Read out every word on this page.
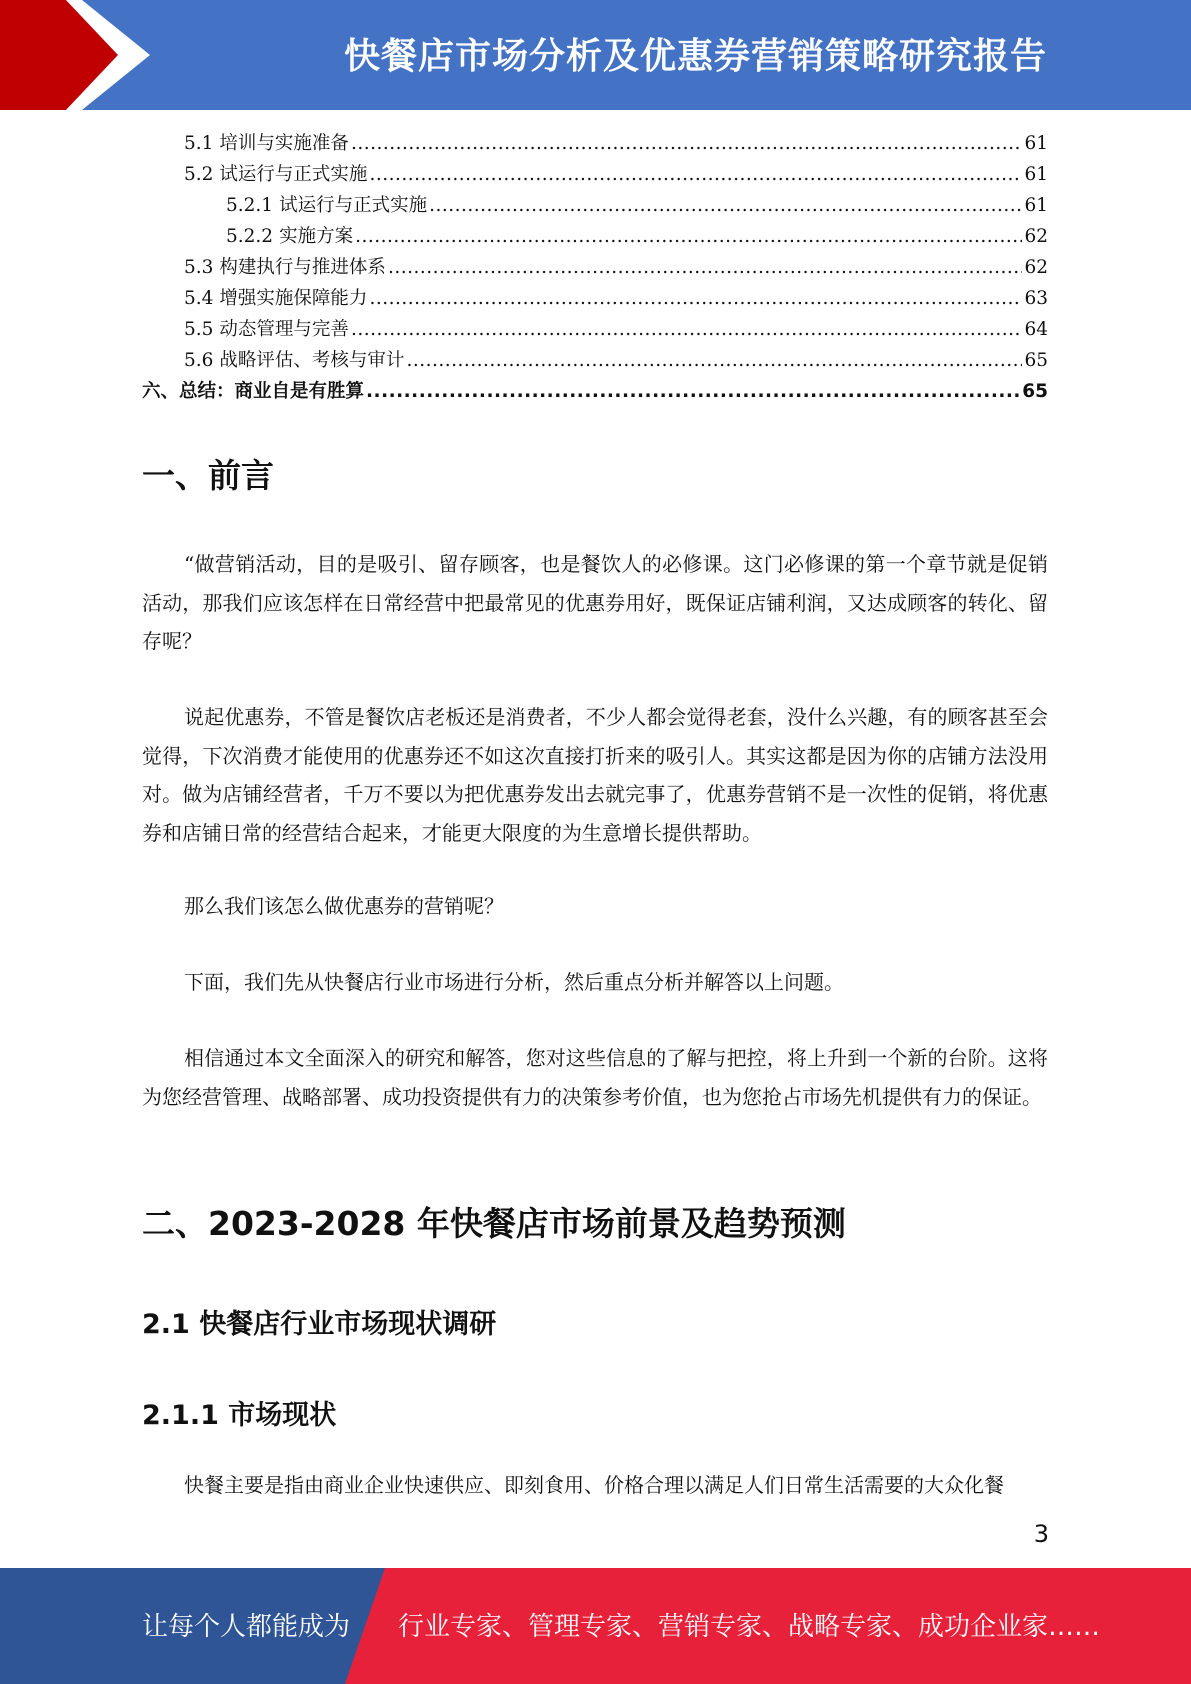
快餐店市场分析及优惠券营销策略研究报告
5.1 培训与实施准备 .....	61
5.2 试运行与正式实施 .....	61
5.2.1 试运行与正式实施 .....	61
5.2.2 实施方案 .....	62
5.3 构建执行与推进体系 .....	62
5.4 增强实施保障能力 .....	63
5.5 动态管理与完善 .....	64
5.6 战略评估、考核与审计 .....	65
六、总结：商业自是有胜算 .....	65
一、前言

“做营销活动，目的是吸引、留存顾客，也是餐饮人的必修课。这门必修课的第一个章节就是促销活动，那我们应该怎样在日常经营中把最常见的优惠券用好，既保证店铺利润，又达成顾客的转化、留存呢？

说起优惠券，不管是餐饮店老板还是消费者，不少人都会觉得老套，没什么兴趣，有的顾客甚至会觉得，下次消费才能使用的优惠券还不如这次直接打折来的吸引人。其实这都是因为你的店铺方法没用对。做为店铺经营者，千万不要以为把优惠券发出去就完事了，优惠券营销不是一次性的促销，将优惠券和店铺日常的经营结合起来，才能更大限度的为生意增长提供帮助。

那么我们该怎么做优惠券的营销呢？

下面，我们先从快餐店行业市场进行分析，然后重点分析并解答以上问题。

相信通过本文全面深入的研究和解答，您对这些信息的了解与把控，将上升到一个新的台阶。这将为您经营管理、战略部署、成功投资提供有力的决策参考价值，也为您抢占市场先机提供有力的保证。

二、2023-2028 年快餐店市场前景及趋势预测
2.1 快餐店行业市场现状调研
2.1.1 市场现状

快餐主要是指由商业企业快速供应、即刻食用、价格合理以满足人们日常生活需要的大众化餐

3
让每个人都能成为 行业专家、管理专家、营销专家、战略专家、成功企业家……
